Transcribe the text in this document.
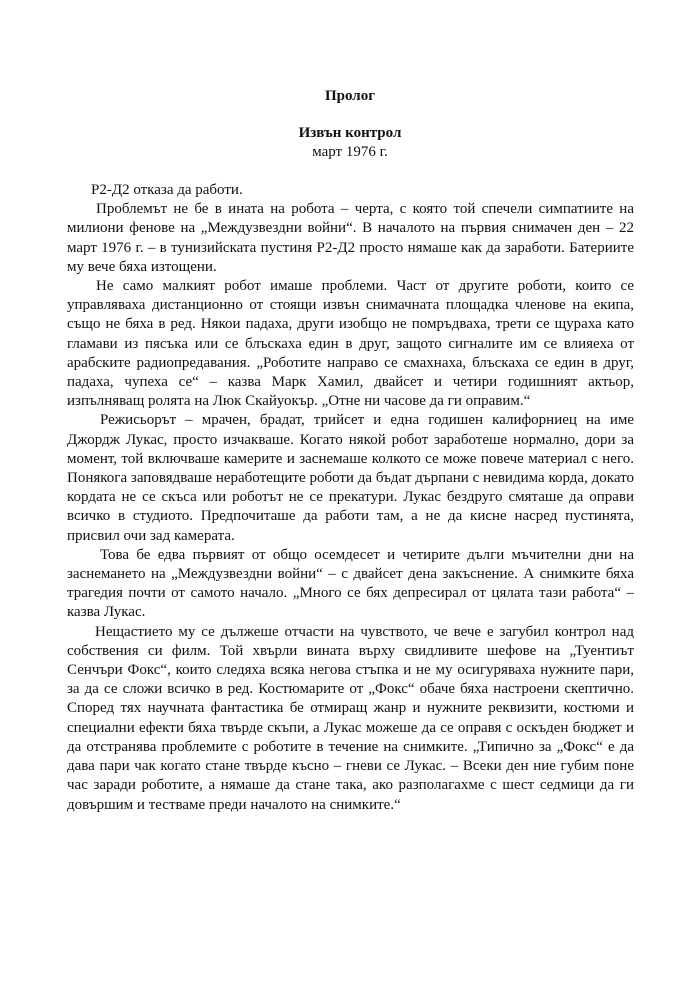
Пролог
Извън контрол
март 1976 г.

Р2-Д2 отказа да работи.

Проблемът не бе в ината на робота – черта, с която той спечели симпатиите на милиони фенове на „Междузвездни войни“. В началото на първия снимачен ден – 22 март 1976 г. – в тунизийската пустиня Р2-Д2 просто нямаше как да заработи. Батериите му вече бяха изтощени.

Не само малкият робот имаше проблеми. Част от другите роботи, които се управляваха дистанционно от стоящи извън снимачната площадка членове на екипа, също не бяха в ред. Някои падаха, други изобщо не помръдваха, трети се щураха като гламави из пясъка или се блъскаха един в друг, защото сигналите им се влияеха от арабските радиопредавания. „Роботите направо се смахнаха, блъскаха се един в друг, падаха, чупеха се“ – казва Марк Хамил, двайсет и четири годишният актьор, изпълняващ ролята на Люк Скайуокър. „Отне ни часове да ги оправим.“

Режисьорът – мрачен, брадат, трийсет и една годишен калифорниец на име Джордж Лукас, просто изчакваше. Когато някой робот заработеше нормално, дори за момент, той включваше камерите и заснемаше колкото се може повече материал с него. Понякога заповядваше неработещите роботи да бъдат дърпани с невидима корда, докато кордата не се скъса или роботът не се прекатури. Лукас бездруго смяташе да оправи всичко в студиото. Предпочиташе да работи там, а не да кисне насред пустинята, присвил очи зад камерата.

Това бе едва първият от общо осемдесет и четирите дълги мъчителни дни на заснемането на „Междузвездни войни“ – с двайсет дена закъснение. А снимките бяха трагедия почти от самото начало. „Много се бях депресирал от цялата тази работа“ – казва Лукас.

Нещастието му се дължеше отчасти на чувството, че вече е загубил контрол над собствения си филм. Той хвърли вината върху свидливите шефове на „Туентиът Сенчъри Фокс“, които следяха всяка негова стъпка и не му осигуряваха нужните пари, за да се сложи всичко в ред. Костюмарите от „Фокс“ обаче бяха настроени скептично. Според тях научната фантастика бе отмиращ жанр и нужните реквизити, костюми и специални ефекти бяха твърде скъпи, а Лукас можеше да се оправя с оскъден бюджет и да отстранява проблемите с роботите в течение на снимките. „Типично за „Фокс“ е да дава пари чак когато стане твърде късно – гневи се Лукас. – Всеки ден ние губим поне час заради роботите, а нямаше да стане така, ако разполагахме с шест седмици да ги довършим и тестваме преди началото на снимките.“
